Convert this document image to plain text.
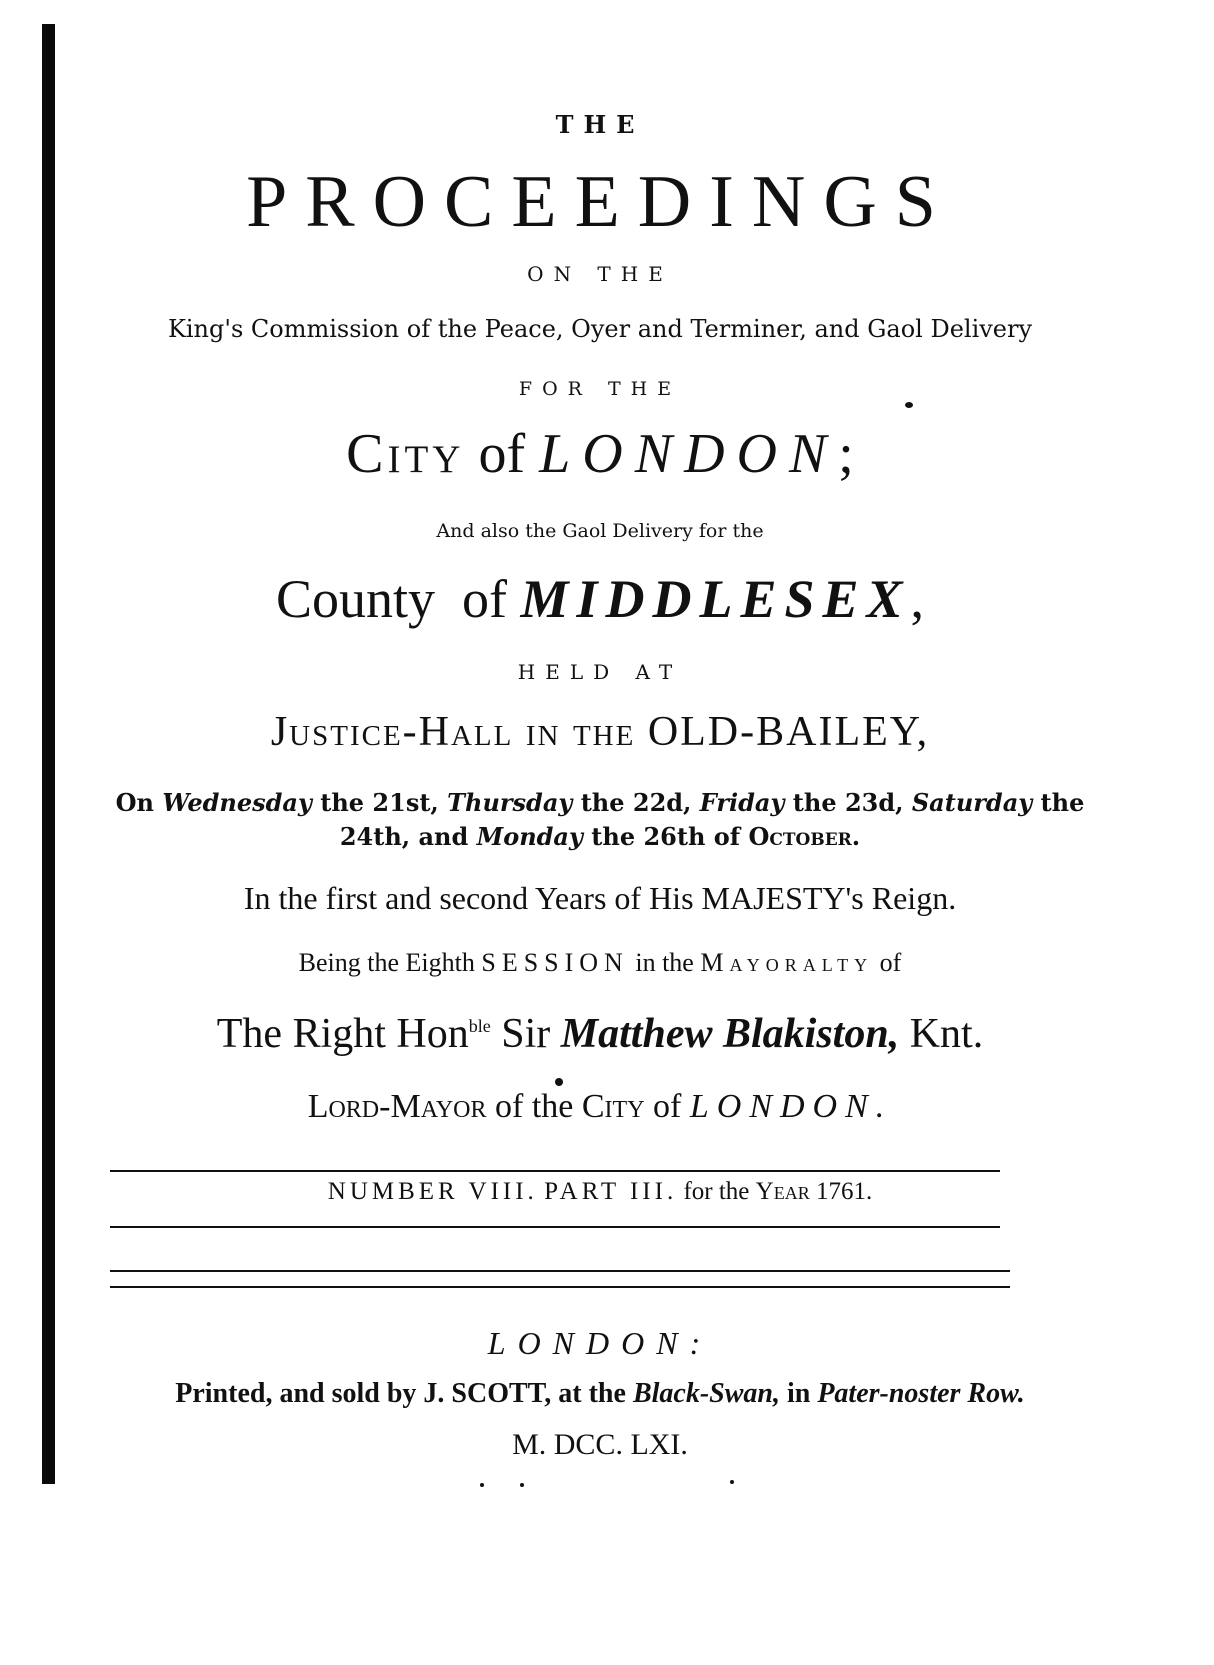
THE
PROCEEDINGS
ON THE
King's Commission of the Peace, Oyer and Terminer, and Gaol Delivery
FOR THE
City of LONDON;
And also the Gaol Delivery for the
County of MIDDLESEX,
HELD AT
Justice-Hall in the OLD-BAILEY,
On Wednesday the 21st, Thursday the 22d, Friday the 23d, Saturday the
24th, and Monday the 26th of October.
In the first and second Years of His MAJESTY's Reign.
Being the Eighth SESSION in the Mayoralty of
The Right Hon$^{ble}$ Sir Matthew Blakiston, Knt.
Lord-Mayor of the City of LONDON.
NUMBER VIII. PART III. for the Year 1761.
LONDON:
Printed, and sold by J. SCOTT, at the Black-Swan, in Pater-noster Row.
M. DCC. LXI.
